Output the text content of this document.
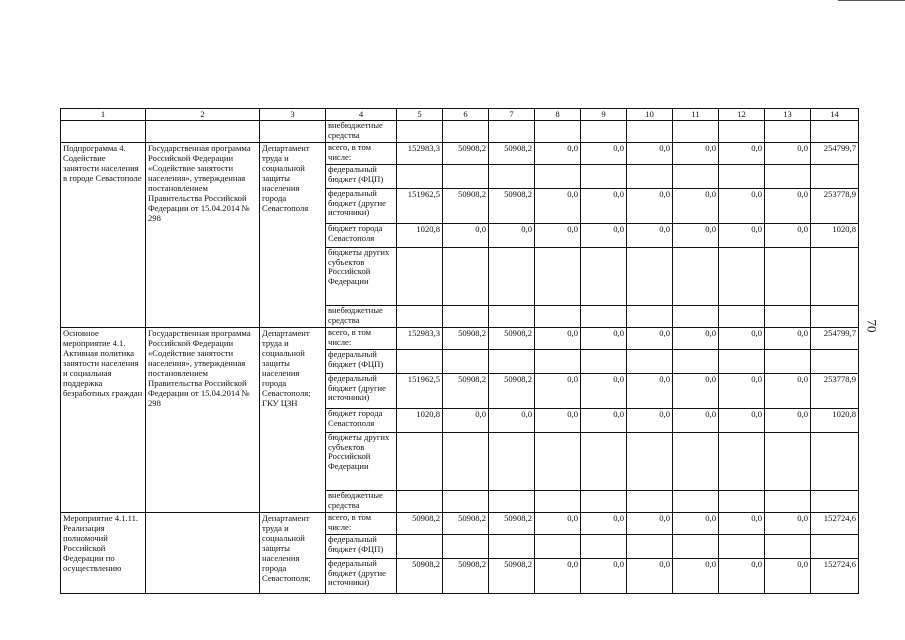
70
1	2	3	4	5	6	7	8	9	10	11	12	13	14
			внебюджетные средства										
Подпрограмма 4. Содействие занятости населения в городе Севастополе	Государственная программа Российской Федерации «Содействие занятости населения», утвержденная постановлением Правительства Российской Федерации от 15.04.2014 № 298	Департамент труда и социальной защиты населения города Севастополя	всего, в том числе:	152983,3	50908,2	50908,2	0,0	0,0	0,0	0,0	0,0	0,0	254799,7
			федеральный бюджет (ФЦП)										
			федеральный бюджет (другие источники)	151962,5	50908,2	50908,2	0,0	0,0	0,0	0,0	0,0	0,0	253778,9
			бюджет города Севастополя	1020,8	0,0	0,0	0,0	0,0	0,0	0,0	0,0	0,0	1020,8
			бюджеты других субъектов Российской Федерации										
			внебюджетные средства										
Основное мероприятие 4.1. Активная политика занятости населения и социальная поддержка безработных граждан	Государственная программа Российской Федерации «Содействие занятости населения», утвержденная постановлением Правительства Российской Федерации от 15.04.2014 № 298	Департамент труда и социальной защиты населения города Севастополя; ГКУ ЦЗН	всего, в том числе:	152983,3	50908,2	50908,2	0,0	0,0	0,0	0,0	0,0	0,0	254799,7
			федеральный бюджет (ФЦП)										
			федеральный бюджет (другие источники)	151962,5	50908,2	50908,2	0,0	0,0	0,0	0,0	0,0	0,0	253778,9
			бюджет города Севастополя	1020,8	0,0	0,0	0,0	0,0	0,0	0,0	0,0	0,0	1020,8
			бюджеты других субъектов Российской Федерации										
			внебюджетные средства										
Мероприятие 4.1.11. Реализация полномочий Российской Федерации по осуществлению		Департамент труда и социальной защиты населения города Севастополя;	всего, в том числе:	50908,2	50908,2	50908,2	0,0	0,0	0,0	0,0	0,0	0,0	152724,6
			федеральный бюджет (ФЦП)										
			федеральный бюджет (другие источники)	50908,2	50908,2	50908,2	0,0	0,0	0,0	0,0	0,0	0,0	152724,6
